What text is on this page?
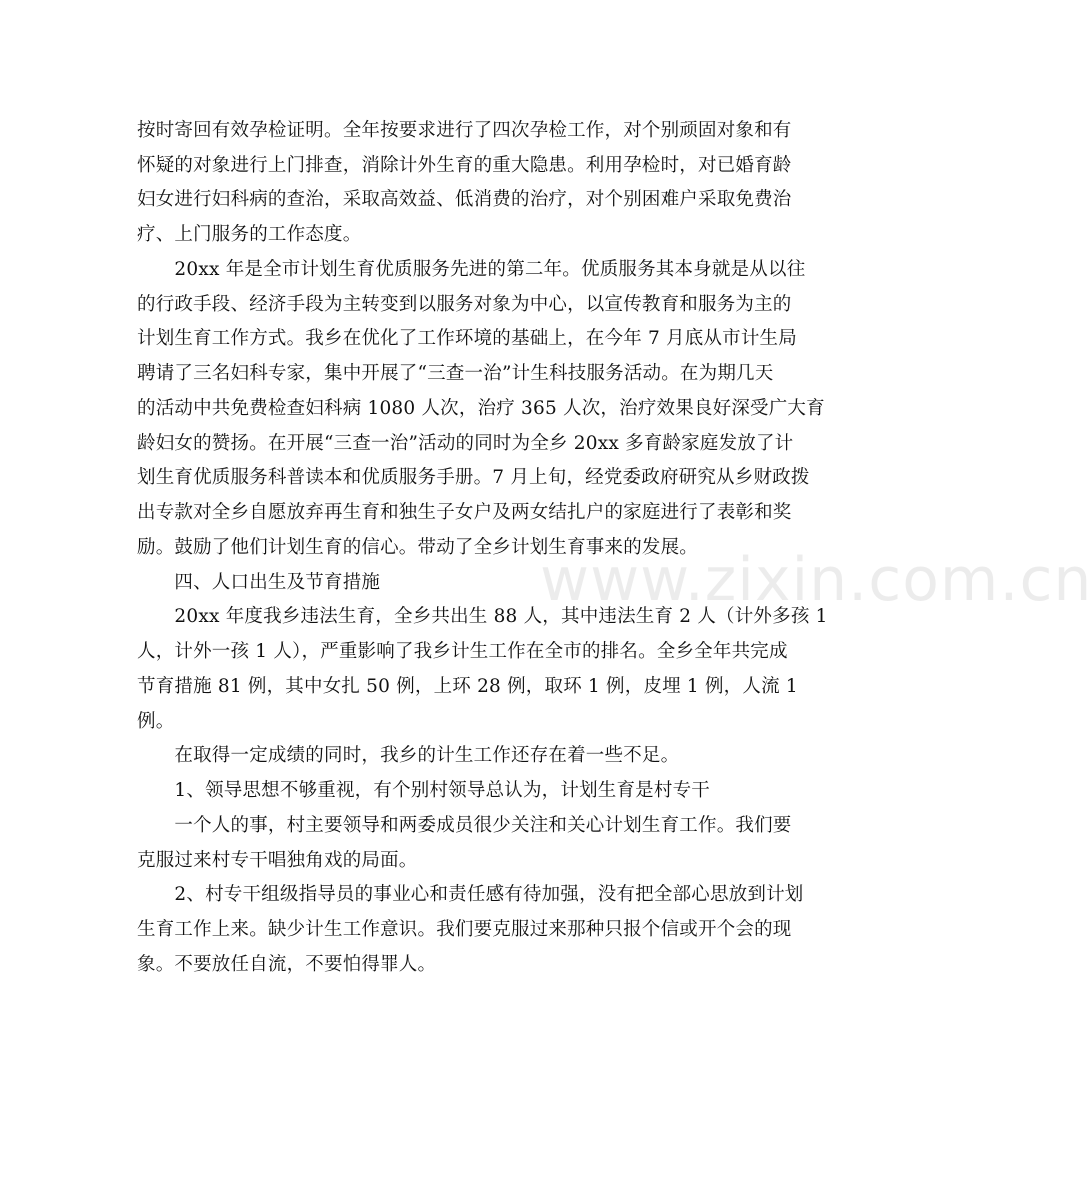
www.zixin.com.cn
按时寄回有效孕检证明。全年按要求进行了四次孕检工作，对个别顽固对象和有
怀疑的对象进行上门排查，消除计外生育的重大隐患。利用孕检时，对已婚育龄
妇女进行妇科病的查治，采取高效益、低消费的治疗，对个别困难户采取免费治
疗、上门服务的工作态度。
　　20xx 年是全市计划生育优质服务先进的第二年。优质服务其本身就是从以往
的行政手段、经济手段为主转变到以服务对象为中心，以宣传教育和服务为主的
计划生育工作方式。我乡在优化了工作环境的基础上，在今年 7 月底从市计生局
聘请了三名妇科专家，集中开展了“三查一治”计生科技服务活动。在为期几天
的活动中共免费检查妇科病 1080 人次，治疗 365 人次，治疗效果良好深受广大育
龄妇女的赞扬。在开展“三查一治”活动的同时为全乡 20xx 多育龄家庭发放了计
划生育优质服务科普读本和优质服务手册。7 月上旬，经党委政府研究从乡财政拨
出专款对全乡自愿放弃再生育和独生子女户及两女结扎户的家庭进行了表彰和奖
励。鼓励了他们计划生育的信心。带动了全乡计划生育事来的发展。
　　四、人口出生及节育措施
　　20xx 年度我乡违法生育，全乡共出生 88 人，其中违法生育 2 人（计外多孩 1
人，计外一孩 1 人），严重影响了我乡计生工作在全市的排名。全乡全年共完成
节育措施 81 例，其中女扎 50 例，上环 28 例，取环 1 例，皮埋 1 例，人流 1
例。
　　在取得一定成绩的同时，我乡的计生工作还存在着一些不足。
　　1、领导思想不够重视，有个别村领导总认为，计划生育是村专干
　　一个人的事，村主要领导和两委成员很少关注和关心计划生育工作。我们要
克服过来村专干唱独角戏的局面。
　　2、村专干组级指导员的事业心和责任感有待加强，没有把全部心思放到计划
生育工作上来。缺少计生工作意识。我们要克服过来那种只报个信或开个会的现
象。不要放任自流，不要怕得罪人。
